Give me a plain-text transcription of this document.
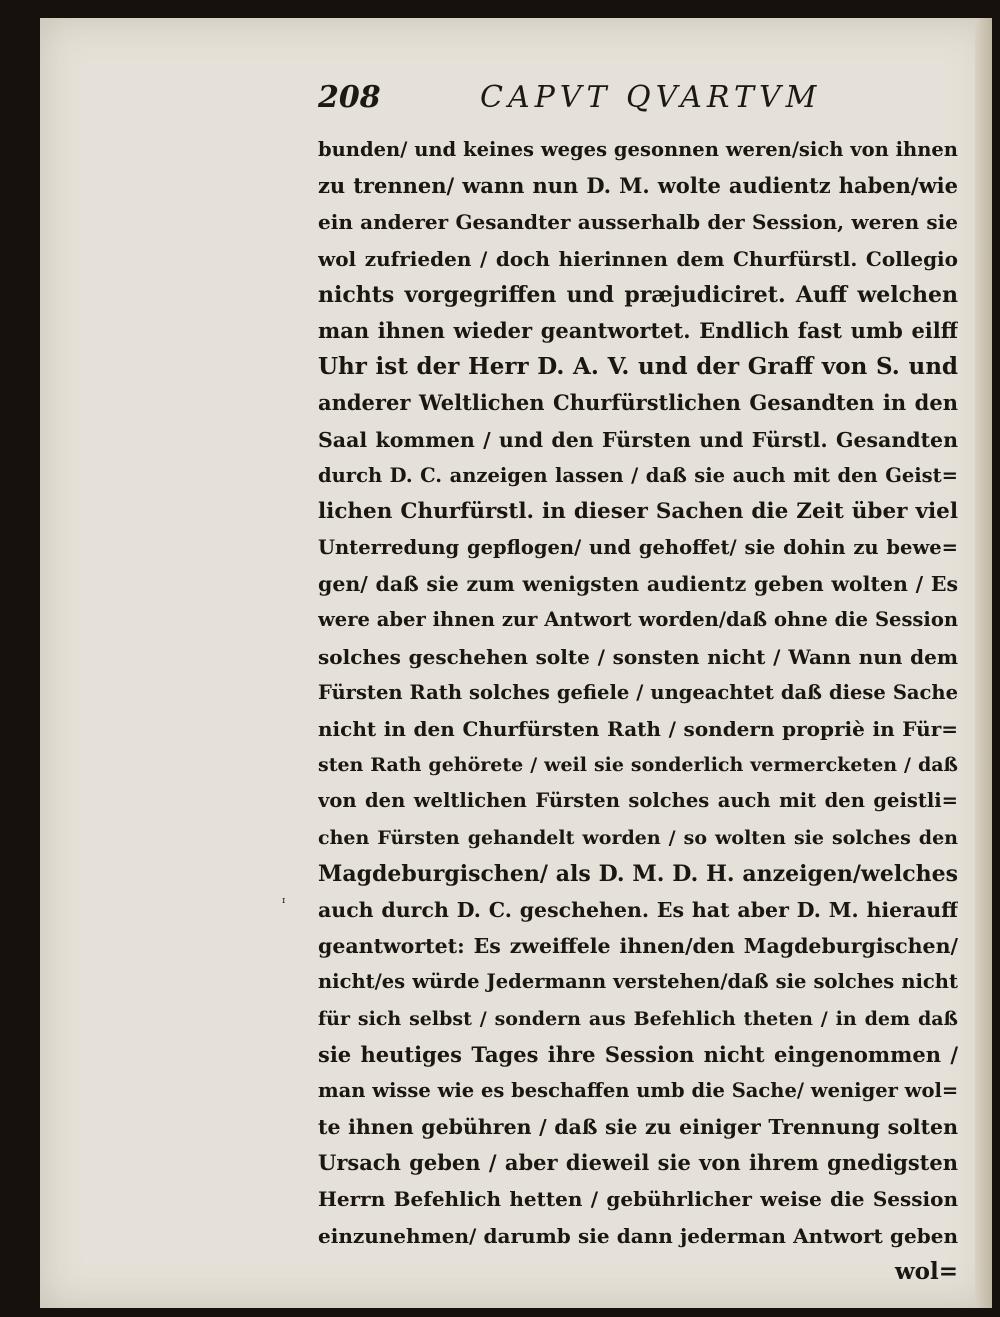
208	CAPVT QVARTVM
ᶦ
bunden/ und keines weges gesonnen weren/sich von ihnen
zu trennen/ wann nun D. M. wolte audientz haben/wie
ein anderer Gesandter ausserhalb der Session, weren sie
wol zufrieden / doch hierinnen dem Churfürstl. Collegio
nichts vorgegriffen und præjudiciret. Auff welchen
man ihnen wieder geantwortet. Endlich fast umb eilff
Uhr ist der Herr D. A. V. und der Graff von S. und
anderer Weltlichen Churfürstlichen Gesandten in den
Saal kommen / und den Fürsten und Fürstl. Gesandten
durch D. C. anzeigen lassen / daß sie auch mit den Geist=
lichen Churfürstl. in dieser Sachen die Zeit über viel
Unterredung gepflogen/ und gehoffet/ sie dohin zu bewe=
gen/ daß sie zum wenigsten audientz geben wolten / Es
were aber ihnen zur Antwort worden/daß ohne die Session
solches geschehen solte / sonsten nicht / Wann nun dem
Fürsten Rath solches gefiele / ungeachtet daß diese Sache
nicht in den Churfürsten Rath / sondern propriè in Für=
sten Rath gehörete / weil sie sonderlich vermercketen / daß
von den weltlichen Fürsten solches auch mit den geistli=
chen Fürsten gehandelt worden / so wolten sie solches den
Magdeburgischen/ als D. M. D. H. anzeigen/welches
auch durch D. C. geschehen. Es hat aber D. M. hierauff
geantwortet: Es zweiffele ihnen/den Magdeburgischen/
nicht/es würde Jedermann verstehen/daß sie solches nicht
für sich selbst / sondern aus Befehlich theten / in dem daß
sie heutiges Tages ihre Session nicht eingenommen /
man wisse wie es beschaffen umb die Sache/ weniger wol=
te ihnen gebühren / daß sie zu einiger Trennung solten
Ursach geben / aber dieweil sie von ihrem gnedigsten
Herrn Befehlich hetten / gebührlicher weise die Session
einzunehmen/ darumb sie dann jederman Antwort geben
wol=
